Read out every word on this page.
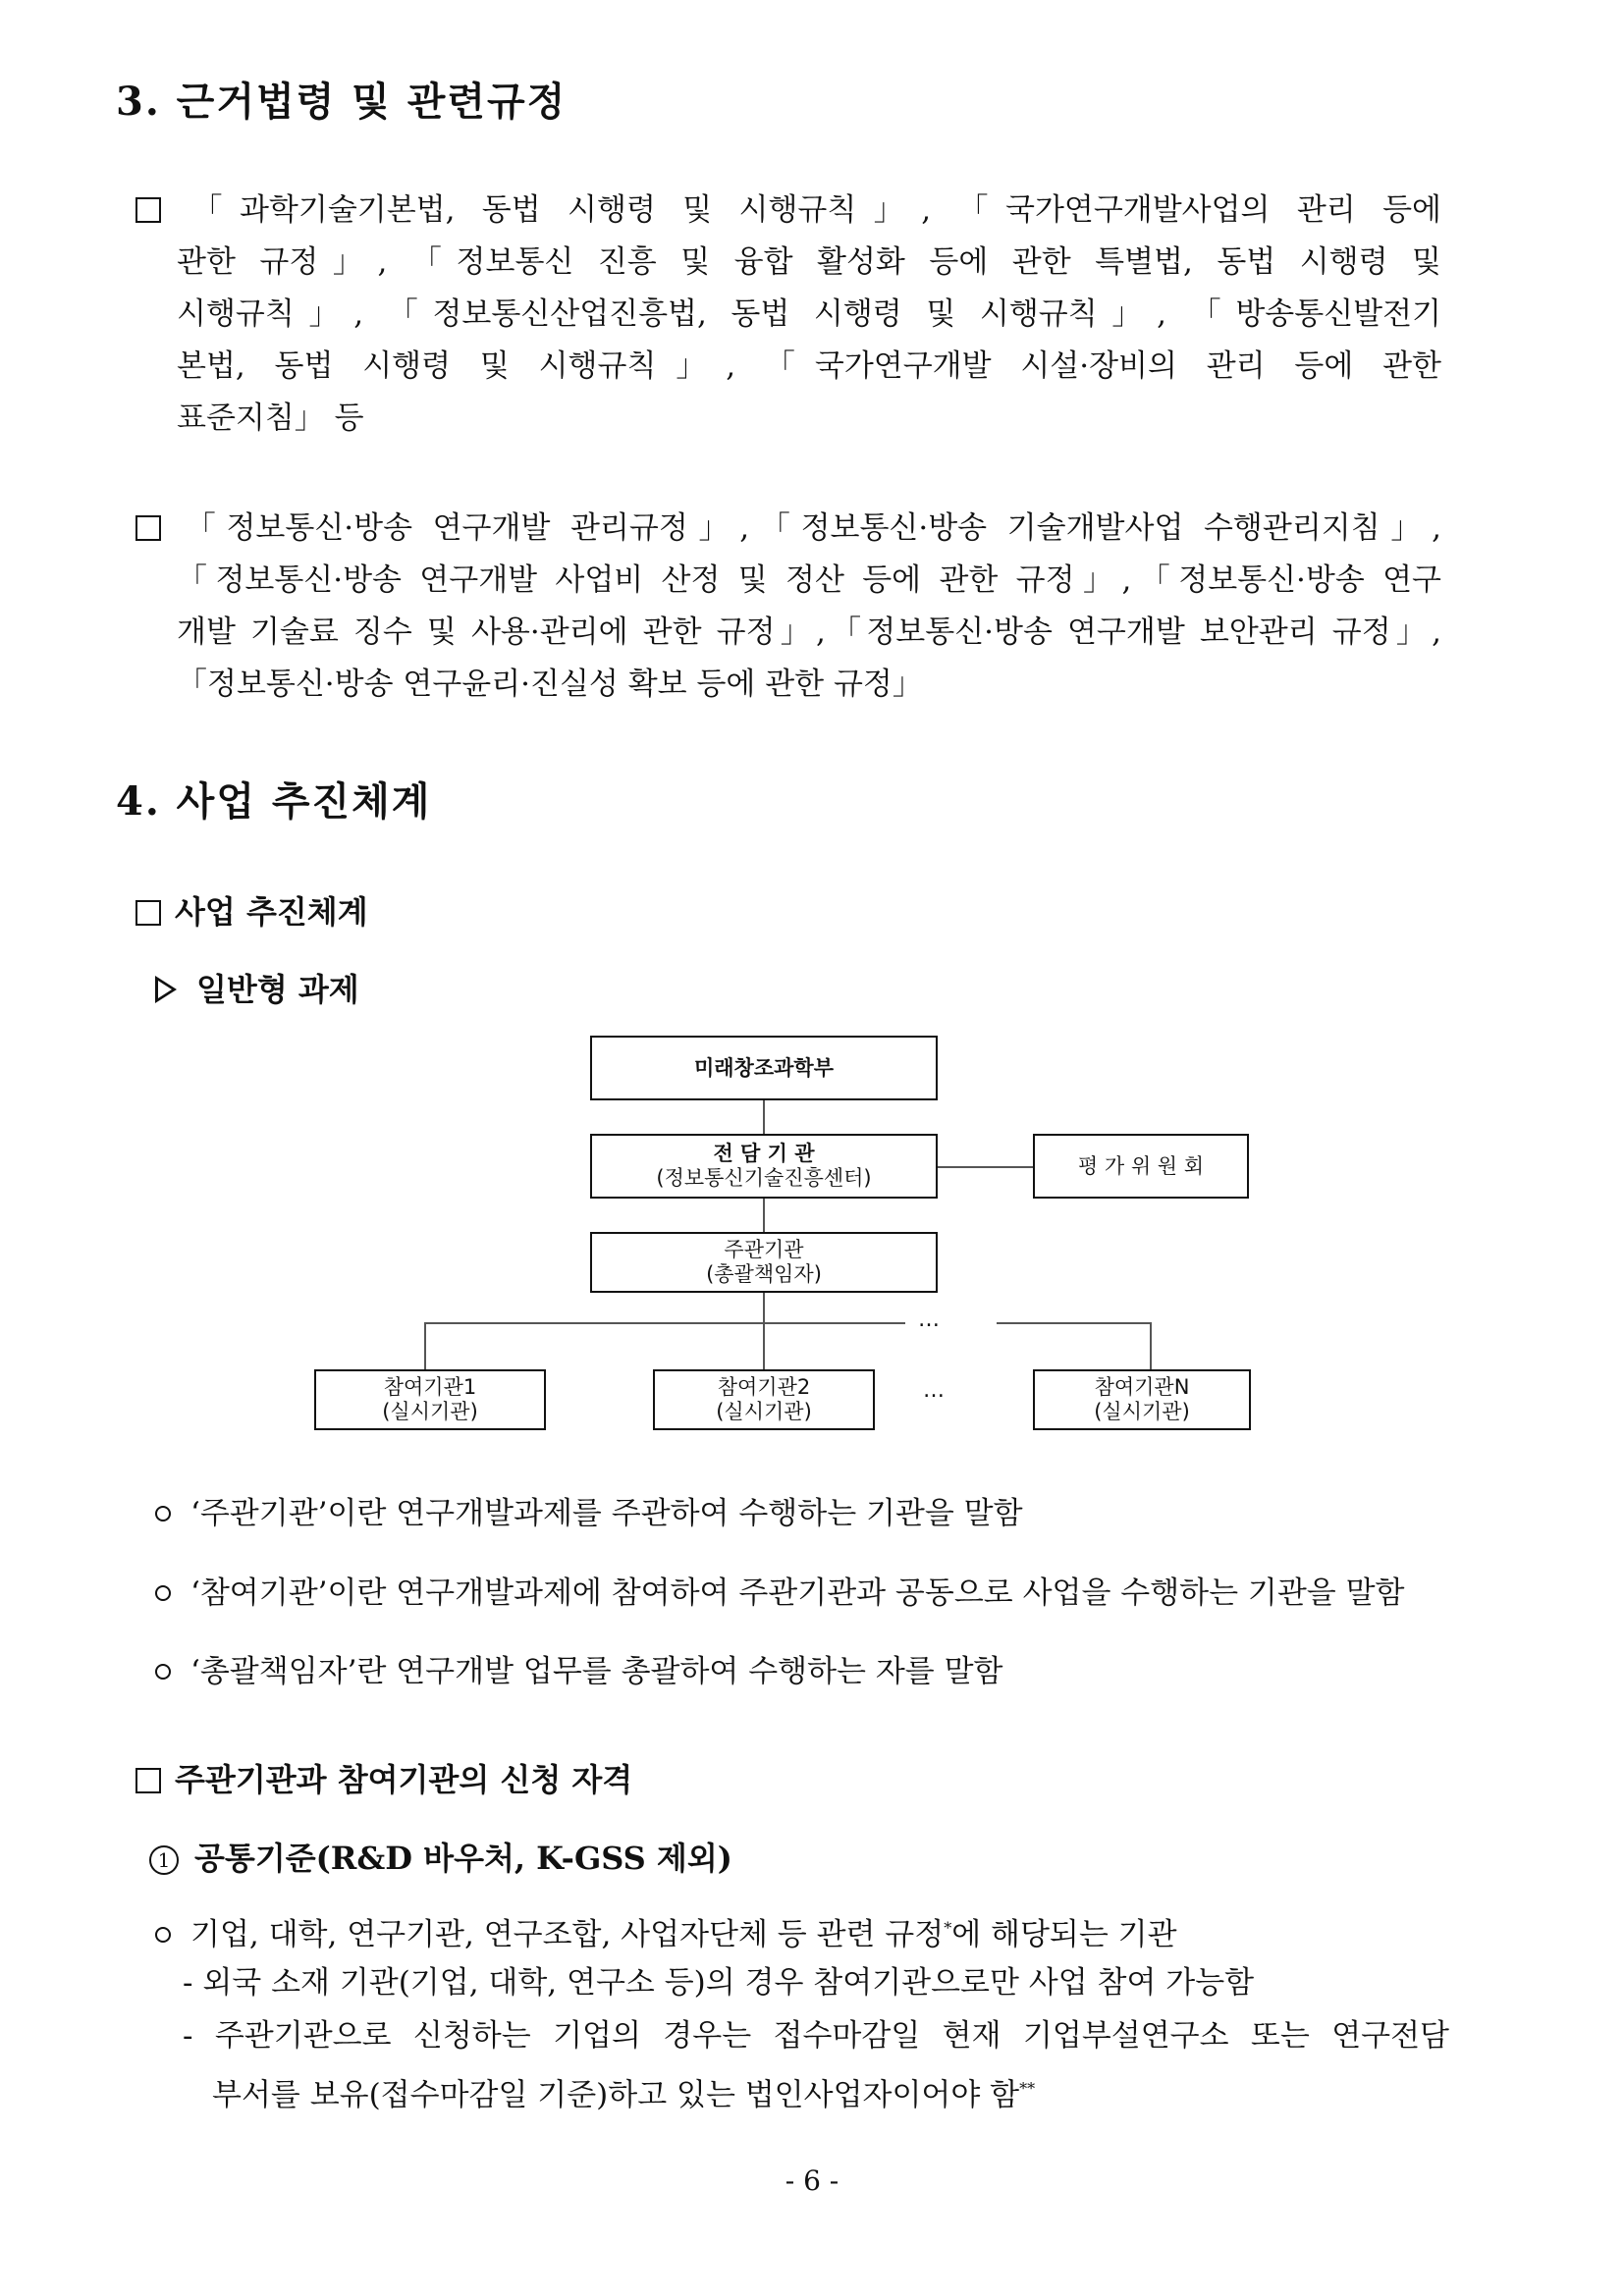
3. 근거법령 및 관련규정
「과학기술기본법, 동법 시행령 및 시행규칙」, 「국가연구개발사업의 관리 등에
관한 규정」, 「정보통신 진흥 및 융합 활성화 등에 관한 특별법, 동법 시행령 및
시행규칙」, 「정보통신산업진흥법, 동법 시행령 및 시행규칙」, 「방송통신발전기
본법, 동법 시행령 및 시행규칙」, 「국가연구개발 시설·장비의 관리 등에 관한
표준지침」 등
「정보통신·방송 연구개발 관리규정」,「정보통신·방송 기술개발사업 수행관리지침」,
「정보통신·방송 연구개발 사업비 산정 및 정산 등에 관한 규정」,「정보통신·방송 연구
개발 기술료 징수 및 사용·관리에 관한 규정」,「정보통신·방송 연구개발 보안관리 규정」,
「정보통신·방송 연구윤리·진실성 확보 등에 관한 규정」
4. 사업 추진체계
사업 추진체계
일반형 과제
미래창조과학부
전 담 기 관
(정보통신기술진흥센터)
평 가 위 원 회
주관기관
(총괄책임자)
…
참여기관1
(실시기관)
참여기관2
(실시기관)
…	참여기관N
(실시기관)
‘주관기관’이란 연구개발과제를 주관하여 수행하는 기관을 말함
‘참여기관’이란 연구개발과제에 참여하여 주관기관과 공동으로 사업을 수행하는 기관을 말함
‘총괄책임자’란 연구개발 업무를 총괄하여 수행하는 자를 말함
주관기관과 참여기관의 신청 자격
1 공통기준(R&D 바우처, K-GSS 제외)
기업, 대학, 연구기관, 연구조합, 사업자단체 등 관련 규정*에 해당되는 기관
- 외국 소재 기관(기업, 대학, 연구소 등)의 경우 참여기관으로만 사업 참여 가능함
- 주관기관으로 신청하는 기업의 경우는 접수마감일 현재 기업부설연구소 또는 연구전담
부서를 보유(접수마감일 기준)하고 있는 법인사업자이어야 함**
- 6 -
